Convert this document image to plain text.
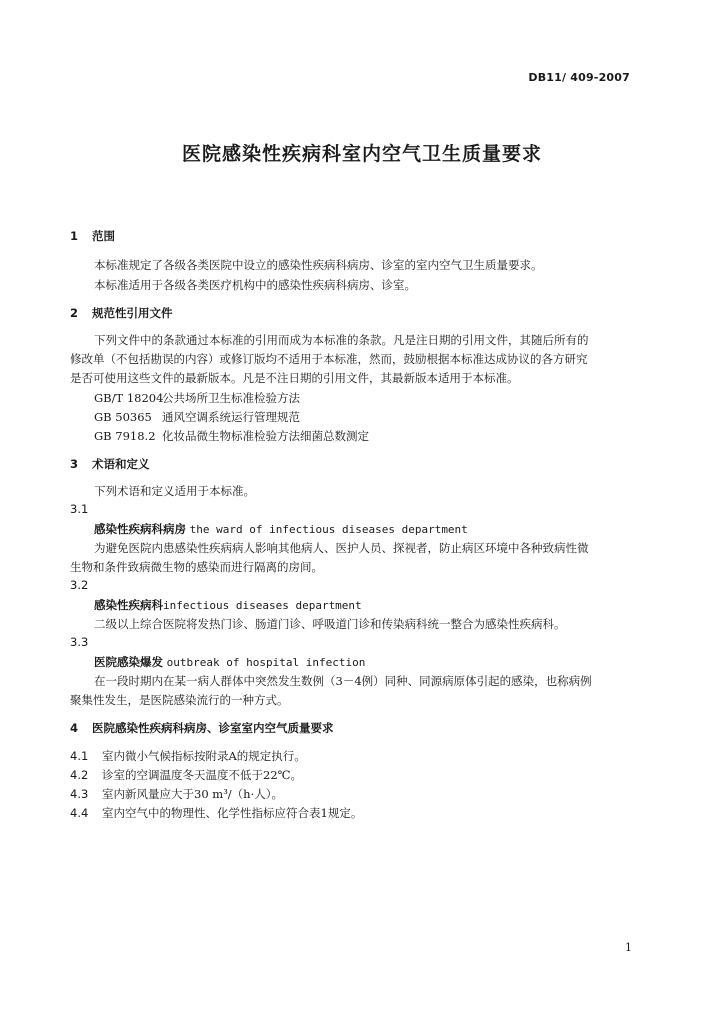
DB11/ 409-2007
医院感染性疾病科室内空气卫生质量要求
1 范围
本标准规定了各级各类医院中设立的感染性疾病科病房、诊室的室内空气卫生质量要求。
本标准适用于各级各类医疗机构中的感染性疾病科病房、诊室。
2 规范性引用文件
下列文件中的条款通过本标准的引用而成为本标准的条款。凡是注日期的引用文件，其随后所有的
修改单（不包括勘误的内容）或修订版均不适用于本标准，然而，鼓励根据本标准达成协议的各方研究
是否可使用这些文件的最新版本。凡是不注日期的引用文件，其最新版本适用于本标准。
GB/T 18204公共场所卫生标准检验方法
GB 50365 通风空调系统运行管理规范
GB 7918.2 化妆品微生物标准检验方法细菌总数测定
3 术语和定义
下列术语和定义适用于本标准。
3.1
感染性疾病科病房 the ward of infectious diseases department
为避免医院内患感染性疾病病人影响其他病人、医护人员、探视者，防止病区环境中各种致病性微
生物和条件致病微生物的感染而进行隔离的房间。
3.2
感染性疾病科infectious diseases department
二级以上综合医院将发热门诊、肠道门诊、呼吸道门诊和传染病科统一整合为感染性疾病科。
3.3
医院感染爆发 outbreak of hospital infection
在一段时期内在某一病人群体中突然发生数例（3－4例）同种、同源病原体引起的感染，也称病例
聚集性发生，是医院感染流行的一种方式。
4 医院感染性疾病科病房、诊室室内空气质量要求
4.1 室内微小气候指标按附录A的规定执行。
4.2 诊室的空调温度冬天温度不低于22℃。
4.3 室内新风量应大于30 m³/（h·人）。
4.4 室内空气中的物理性、化学性指标应符合表1规定。
1
